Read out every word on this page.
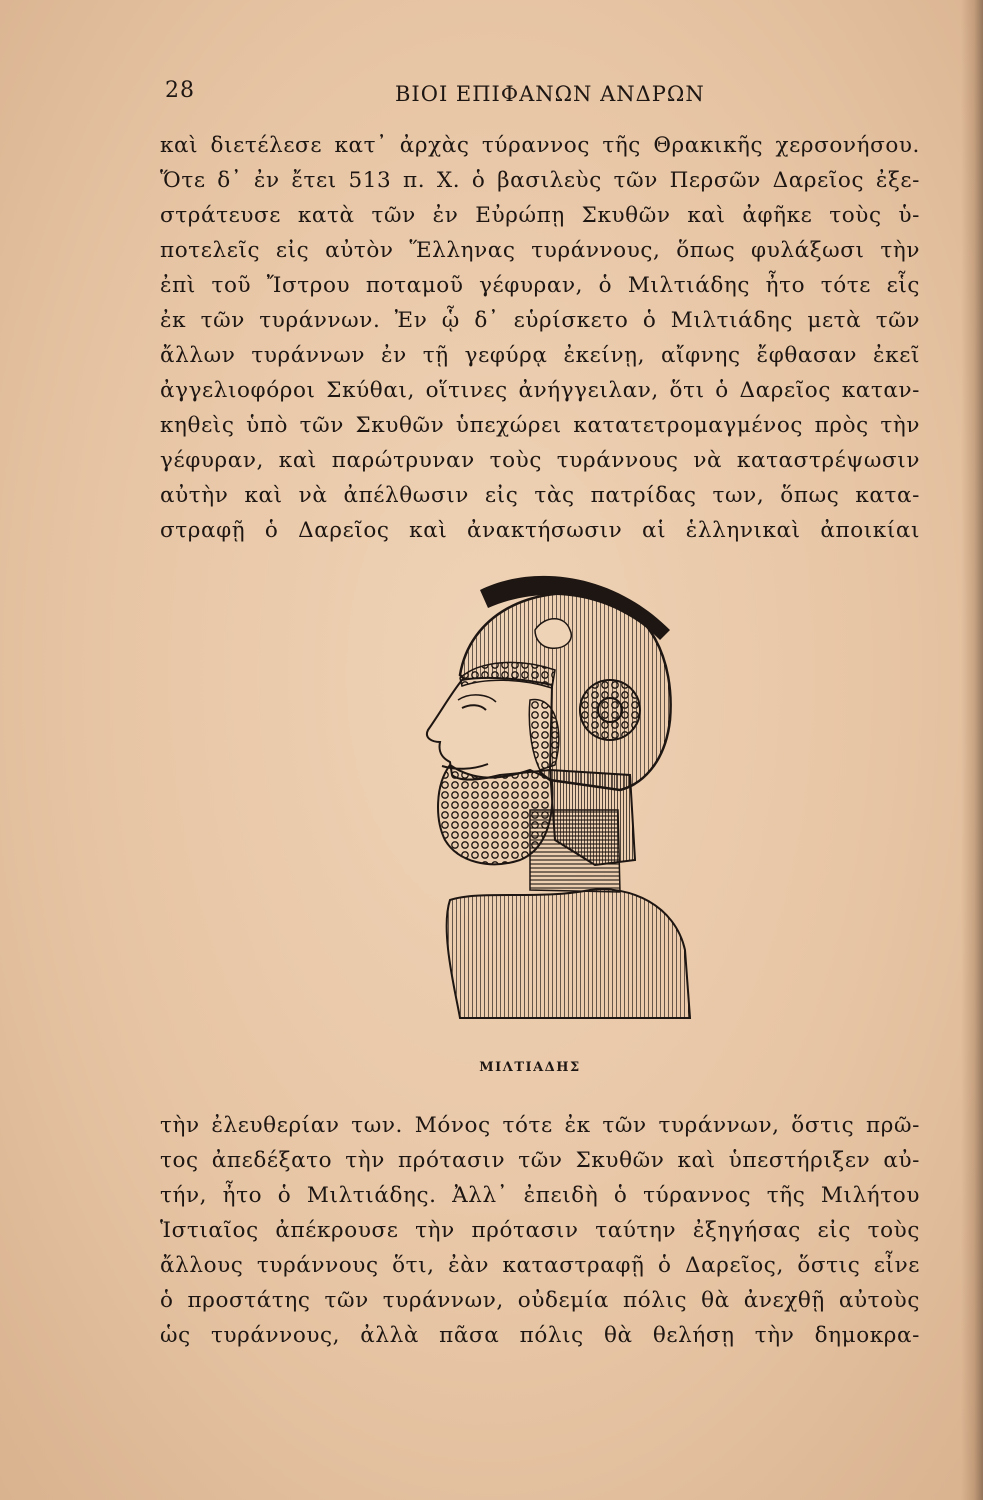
28	ΒΙΟΙ ΕΠΙΦΑΝΩΝ ΑΝΔΡΩΝ
καὶ διετέλεσε κατ᾽ ἀρχὰς τύραννος τῆς Θρακικῆς χερσονήσου.
Ὅτε δ᾽ ἐν ἔτει 513 π. Χ. ὁ βασιλεὺς τῶν Περσῶν Δαρεῖος ἐξε-
στράτευσε κατὰ τῶν ἐν Εὐρώπῃ Σκυθῶν καὶ ἀφῆκε τοὺς ὑ-
ποτελεῖς εἰς αὐτὸν Ἕλληνας τυράννους, ὅπως φυλάξωσι τὴν
ἐπὶ τοῦ Ἴστρου ποταμοῦ γέφυραν, ὁ Μιλτιάδης ἦτο τότε εἷς
ἐκ τῶν τυράννων. Ἐν ᾧ δ᾽ εὑρίσκετο ὁ Μιλτιάδης μετὰ τῶν
ἄλλων τυράννων ἐν τῇ γεφύρᾳ ἐκείνῃ, αἴφνης ἔφθασαν ἐκεῖ
ἀγγελιοφόροι Σκύθαι, οἵτινες ἀνήγγειλαν, ὅτι ὁ Δαρεῖος καταν-
κηθεὶς ὑπὸ τῶν Σκυθῶν ὑπεχώρει κατατετρομαγμένος πρὸς τὴν
γέφυραν, καὶ παρώτρυναν τοὺς τυράννους νὰ καταστρέψωσιν
αὐτὴν καὶ νὰ ἀπέλθωσιν εἰς τὰς πατρίδας των, ὅπως κατα-
στραφῇ ὁ Δαρεῖος καὶ ἀνακτήσωσιν αἱ ἑλληνικαὶ ἀποικίαι
ΜΙΛΤΙΑΔΗΣ
τὴν ἐλευθερίαν των. Μόνος τότε ἐκ τῶν τυράννων, ὅστις πρῶ-
τος ἀπεδέξατο τὴν πρότασιν τῶν Σκυθῶν καὶ ὑπεστήριξεν αὐ-
τήν, ἦτο ὁ Μιλτιάδης. Ἀλλ᾽ ἐπειδὴ ὁ τύραννος τῆς Μιλήτου
Ἱστιαῖος ἀπέκρουσε τὴν πρότασιν ταύτην ἐξηγήσας εἰς τοὺς
ἄλλους τυράννους ὅτι, ἐὰν καταστραφῇ ὁ Δαρεῖος, ὅστις εἶνε
ὁ προστάτης τῶν τυράννων, οὐδεμία πόλις θὰ ἀνεχθῇ αὐτοὺς
ὡς τυράννους, ἀλλὰ πᾶσα πόλις θὰ θελήσῃ τὴν δημοκρα-
